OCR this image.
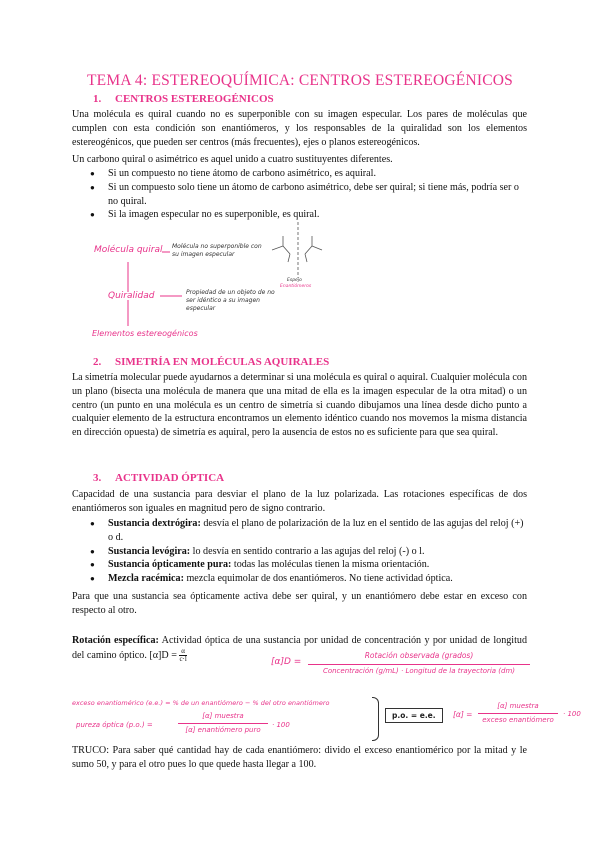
TEMA 4: ESTEREOQUÍMICA: CENTROS ESTEREOGÉNICOS
1. CENTROS ESTEREOGÉNICOS

Una molécula es quiral cuando no es superponible con su imagen especular. Los pares de moléculas que cumplen con esta condición son enantiómeros, y los responsables de la quiralidad son los elementos estereogénicos, que pueden ser centros (más frecuentes), ejes o planos estereogénicos.

Un carbono quiral o asimétrico es aquel unido a cuatro sustituyentes diferentes.
● Si un compuesto no tiene átomo de carbono asimétrico, es aquiral.
● Si un compuesto solo tiene un átomo de carbono asimétrico, debe ser quiral; si tiene más, podría ser o no quiral.
● Si la imagen especular no es superponible, es quiral.
Molécula quiral Molécula no superponible con su imagen especular
Espejo
Enantiómeros
Quiralidad	Propiedad de un objeto de no ser idéntico a su imagen especular
Elementos estereogénicos
2. SIMETRÍA EN MOLÉCULAS AQUIRALES

La simetría molecular puede ayudarnos a determinar si una molécula es quiral o aquiral. Cualquier molécula con un plano (bisecta una molécula de manera que una mitad de ella es la imagen especular de la otra mitad) o un centro (un punto en una molécula es un centro de simetría si cuando dibujamos una línea desde dicho punto a cualquier elemento de la estructura encontramos un elemento idéntico cuando nos movemos la misma distancia en dirección opuesta) de simetría es aquiral, pero la ausencia de estos no es suficiente para que sea quiral.

3. ACTIVIDAD ÓPTICA

Capacidad de una sustancia para desviar el plano de la luz polarizada. Las rotaciones específicas de dos enantiómeros son iguales en magnitud pero de signo contrario.

● Sustancia dextrógira: desvía el plano de polarización de la luz en el sentido de las agujas del reloj (+) o d.
● Sustancia levógira: lo desvía en sentido contrario a las agujas del reloj (-) o l.
● Sustancia ópticamente pura: todas las moléculas tienen la misma orientación.
● Mezcla racémica: mezcla equimolar de dos enantiómeros. No tiene actividad óptica.

Para que una sustancia sea ópticamente activa debe ser quiral, y un enantiómero debe estar en exceso con respecto al otro.

Rotación específica: Actividad óptica de una sustancia por unidad de concentración y por unidad de longitud del camino óptico. $[\alpha]D = \frac{\alpha}{c\cdot l}$	[α]D =
Rotación observada (grados)
Concentración (g/mL) · Longitud de la trayectoria (dm)
exceso enantiomérico (e.e.) = % de un enantiómero − % del otro enantiómero
pureza óptica (p.o.) =
[α] muestra
[α] enantiómero puro
· 100
p.o. = e.e.	[α] =
[α] muestra
exceso enantiómero
· 100

TRUCO: Para saber qué cantidad hay de cada enantiómero: divido el exceso enantiomérico por la mitad y le sumo 50, y para el otro pues lo que quede hasta llegar a 100.
